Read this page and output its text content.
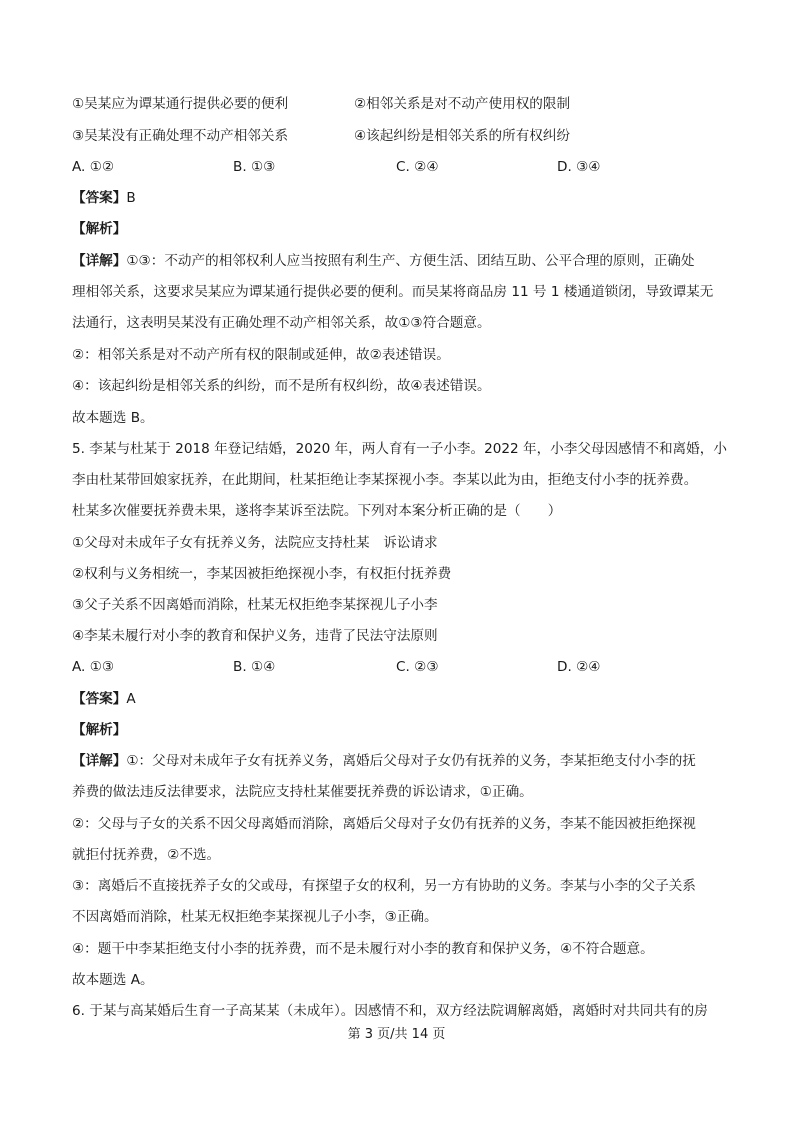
①吴某应为谭某通行提供必要的便利	②相邻关系是对不动产使用权的限制
③吴某没有正确处理不动产相邻关系	④该起纠纷是相邻关系的所有权纠纷
A. ①②	B. ①③	C. ②④	D. ③④
【答案】B
【解析】
【详解】①③：不动产的相邻权利人应当按照有利生产、方便生活、团结互助、公平合理的原则，正确处
理相邻关系，这要求吴某应为谭某通行提供必要的便利。而吴某将商品房 11 号 1 楼通道锁闭，导致谭某无
法通行，这表明吴某没有正确处理不动产相邻关系，故①③符合题意。
②：相邻关系是对不动产所有权的限制或延伸，故②表述错误。
④：该起纠纷是相邻关系的纠纷，而不是所有权纠纷，故④表述错误。
故本题选 B。
5. 李某与杜某于 2018 年登记结婚，2020 年，两人育有一子小李。2022 年，小李父母因感情不和离婚，小
李由杜某带回娘家抚养，在此期间，杜某拒绝让李某探视小李。李某以此为由，拒绝支付小李的抚养费。
杜某多次催要抚养费未果，遂将李某诉至法院。下列对本案分析正确的是（　　）
①父母对未成年子女有抚养义务，法院应支持杜某　诉讼请求
②权利与义务相统一，李某因被拒绝探视小李，有权拒付抚养费
③父子关系不因离婚而消除，杜某无权拒绝李某探视儿子小李
④李某未履行对小李的教育和保护义务，违背了民法守法原则
A. ①③	B. ①④	C. ②③	D. ②④
【答案】A
【解析】
【详解】①：父母对未成年子女有抚养义务，离婚后父母对子女仍有抚养的义务，李某拒绝支付小李的抚
养费的做法违反法律要求，法院应支持杜某催要抚养费的诉讼请求，①正确。
②：父母与子女的关系不因父母离婚而消除，离婚后父母对子女仍有抚养的义务，李某不能因被拒绝探视
就拒付抚养费，②不选。
③：离婚后不直接抚养子女的父或母，有探望子女的权利，另一方有协助的义务。李某与小李的父子关系
不因离婚而消除，杜某无权拒绝李某探视儿子小李，③正确。
④：题干中李某拒绝支付小李的抚养费，而不是未履行对小李的教育和保护义务，④不符合题意。
故本题选 A。
6. 于某与高某婚后生育一子高某某（未成年）。因感情不和，双方经法院调解离婚，离婚时对共同共有的房
第 3 页/共 14 页
